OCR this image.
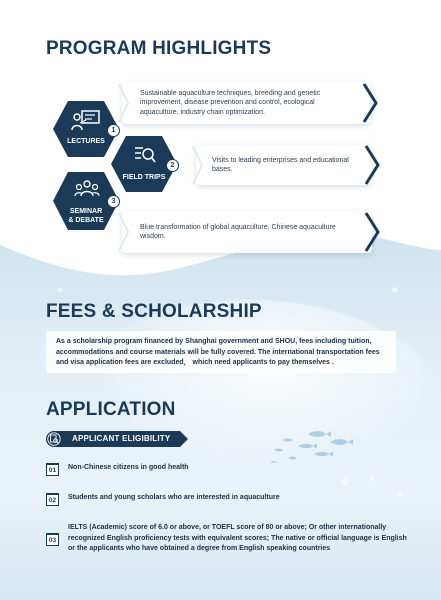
PROGRAM HIGHLIGHTS
Sustainable aquaculture techniques, breeding and genetic improvement, disease prevention and control, ecological aquaculture, industry chain optimization.
Visits to leading enterprises and educational bases.
Blue transformation of global aquaculture, Chinese aquaculture wisdom.
LECTURES
1
FIELD TRIPS
2
SEMINAR
& DEBATE
3
FEES & SCHOLARSHIP
As a scholarship program financed by Shanghai government and SHOU, fees including tuition, accommodations and course materials will be fully covered. The international transportation fees and visa application fees are excluded， which need applicants to pay themselves .
APPLICATION
APPLICANT ELIGIBILITY
01	Non-Chinese citizens in good health
02	Students and young scholars who are interested in aquaculture
03
IELTS (Academic) score of 6.0 or above, or TOEFL score of 80 or above; Or other internationally recognized English proficiency tests with equivalent scores; The native or official language is English or the applicants who have obtained a degree from English speaking countries
